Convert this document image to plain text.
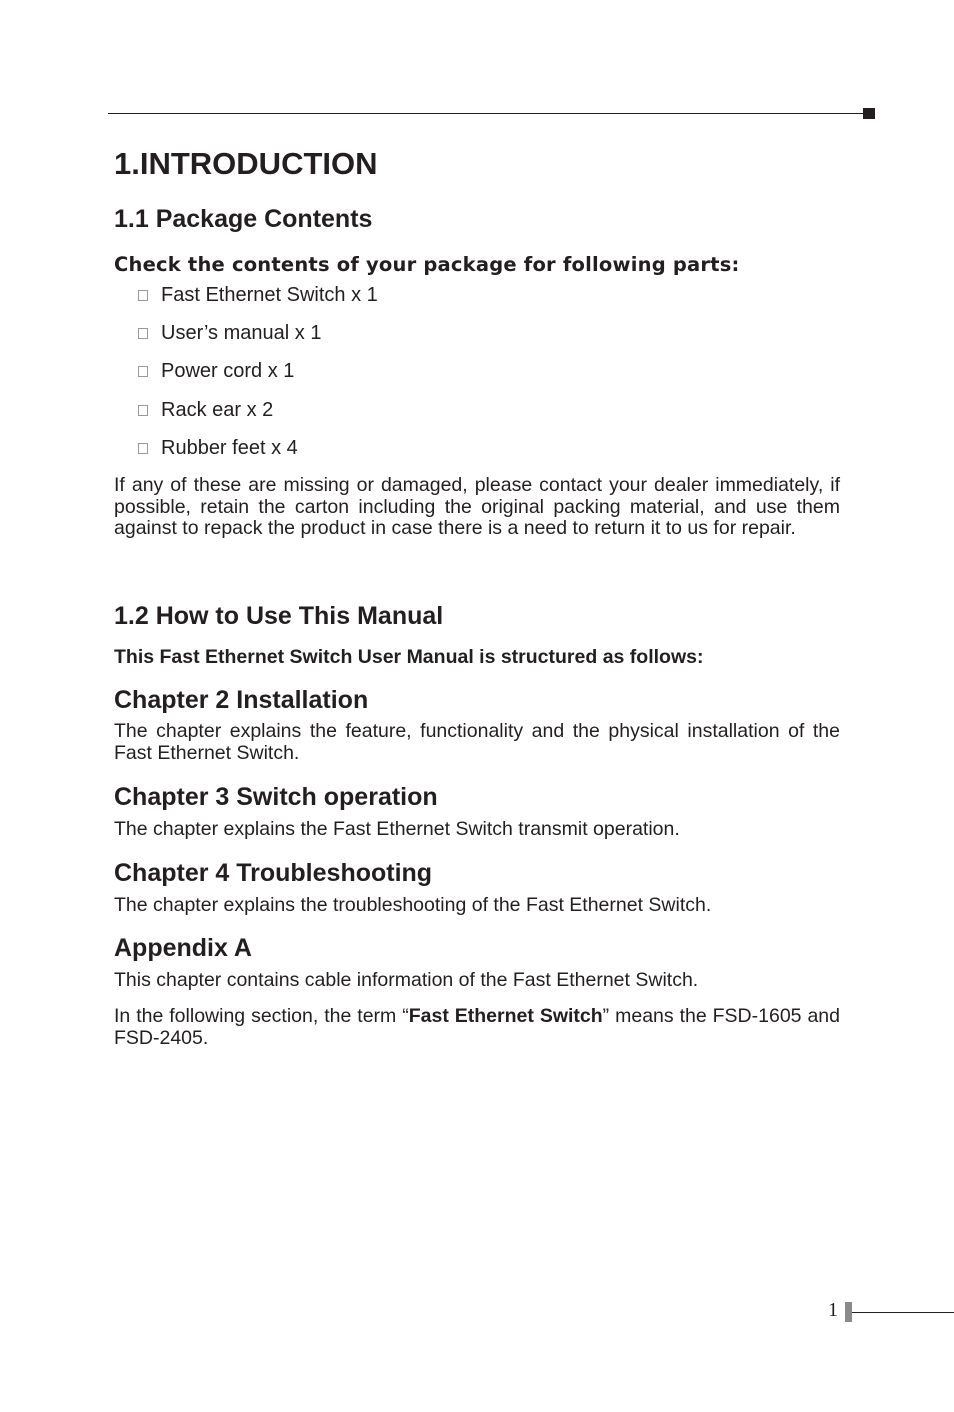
1.INTRODUCTION
1.1 Package Contents
Check the contents of your package for following parts:
Fast Ethernet Switch x 1
User’s manual x 1
Power cord x 1
Rack ear x 2
Rubber feet x 4

If any of these are missing or damaged, please contact your dealer immediately, if possible, retain the carton including the original packing material, and use them against to repack the product in case there is a need to return it to us for repair.

1.2 How to Use This Manual
This Fast Ethernet Switch User Manual is structured as follows:
Chapter 2 Installation

The chapter explains the feature, functionality and the physical installation of the Fast Ethernet Switch.

Chapter 3 Switch operation
The chapter explains the Fast Ethernet Switch transmit operation.
Chapter 4 Troubleshooting
The chapter explains the troubleshooting of the Fast Ethernet Switch.
Appendix A
This chapter contains cable information of the Fast Ethernet Switch.

In the following section, the term “Fast Ethernet Switch” means the FSD-1605 and FSD-2405.

1
